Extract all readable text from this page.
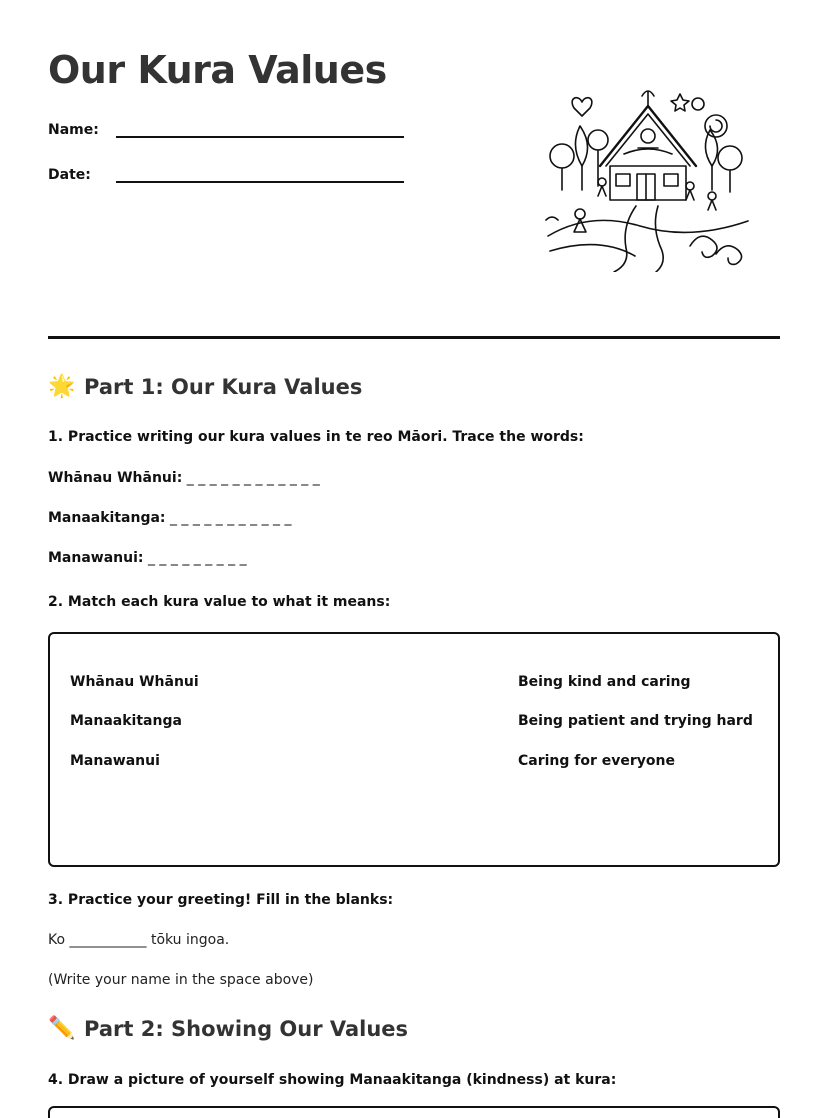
Our Kura Values
Name:
Date:
🌟 Part 1: Our Kura Values
1. Practice writing our kura values in te reo Māori. Trace the words:
Whānau Whānui: _ _ _ _ _ _ _ _ _ _ _ _
Manaakitanga: _ _ _ _ _ _ _ _ _ _ _
Manawanui: _ _ _ _ _ _ _ _ _
2. Match each kura value to what it means:
Whānau Whānui
Manaakitanga
Manawanui
Being kind and caring
Being patient and trying hard
Caring for everyone
3. Practice your greeting! Fill in the blanks:
Ko ___________ tōku ingoa.
(Write your name in the space above)
✏️ Part 2: Showing Our Values
4. Draw a picture of yourself showing Manaakitanga (kindness) at kura:
